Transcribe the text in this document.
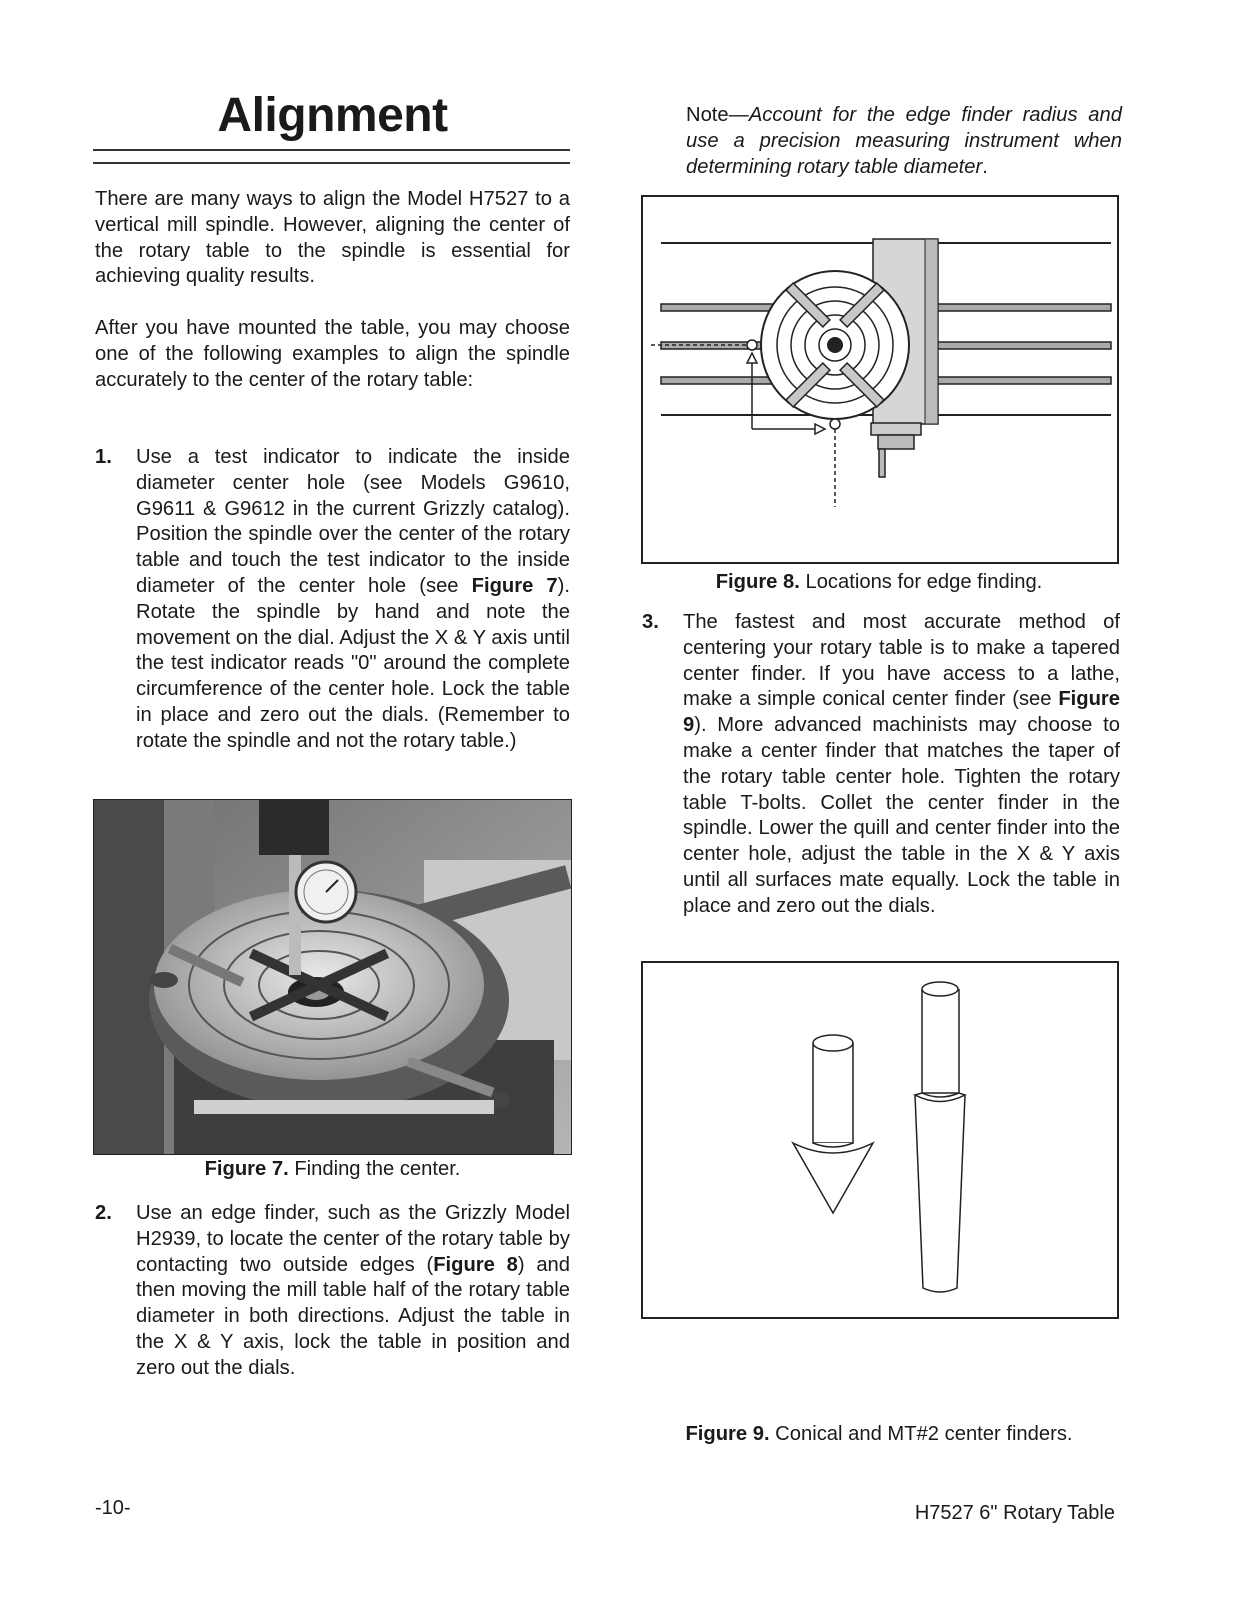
Alignment

There are many ways to align the Model H7527 to a vertical mill spindle. However, aligning the center of the rotary table to the spindle is essential for achieving quality results.

After you have mounted the table, you may choose one of the following examples to align the spindle accurately to the center of the rotary table:

1. Use a test indicator to indicate the inside diameter center hole (see Models G9610, G9611 & G9612 in the current Grizzly catalog). Position the spindle over the center of the rotary table and touch the test indicator to the inside diameter of the center hole (see Figure 7). Rotate the spindle by hand and note the movement on the dial. Adjust the X & Y axis until the test indicator reads "0" around the complete circumference of the center hole. Lock the table in place and zero out the dials. (Remember to rotate the spindle and not the rotary table.)

Figure 7. Finding the center.
2. Use an edge finder, such as the Grizzly Model H2939, to locate the center of the rotary table by contacting two outside edges (Figure 8) and then moving the mill table half of the rotary table diameter in both directions. Adjust the table in the X & Y axis, lock the table in position and zero out the dials.

Note—Account for the edge finder radius and use a precision measuring instrument when determining rotary table diameter.
Figure 8. Locations for edge finding.
3. The fastest and most accurate method of centering your rotary table is to make a tapered center finder. If you have access to a lathe, make a simple conical center finder (see Figure 9). More advanced machinists may choose to make a center finder that matches the taper of the rotary table center hole. Tighten the rotary table T-bolts. Collet the center finder in the spindle. Lower the quill and center finder into the center hole, adjust the table in the X & Y axis until all surfaces mate equally. Lock the table in place and zero out the dials.

Figure 9. Conical and MT#2 center finders.
-10-	H7527 6" Rotary Table
